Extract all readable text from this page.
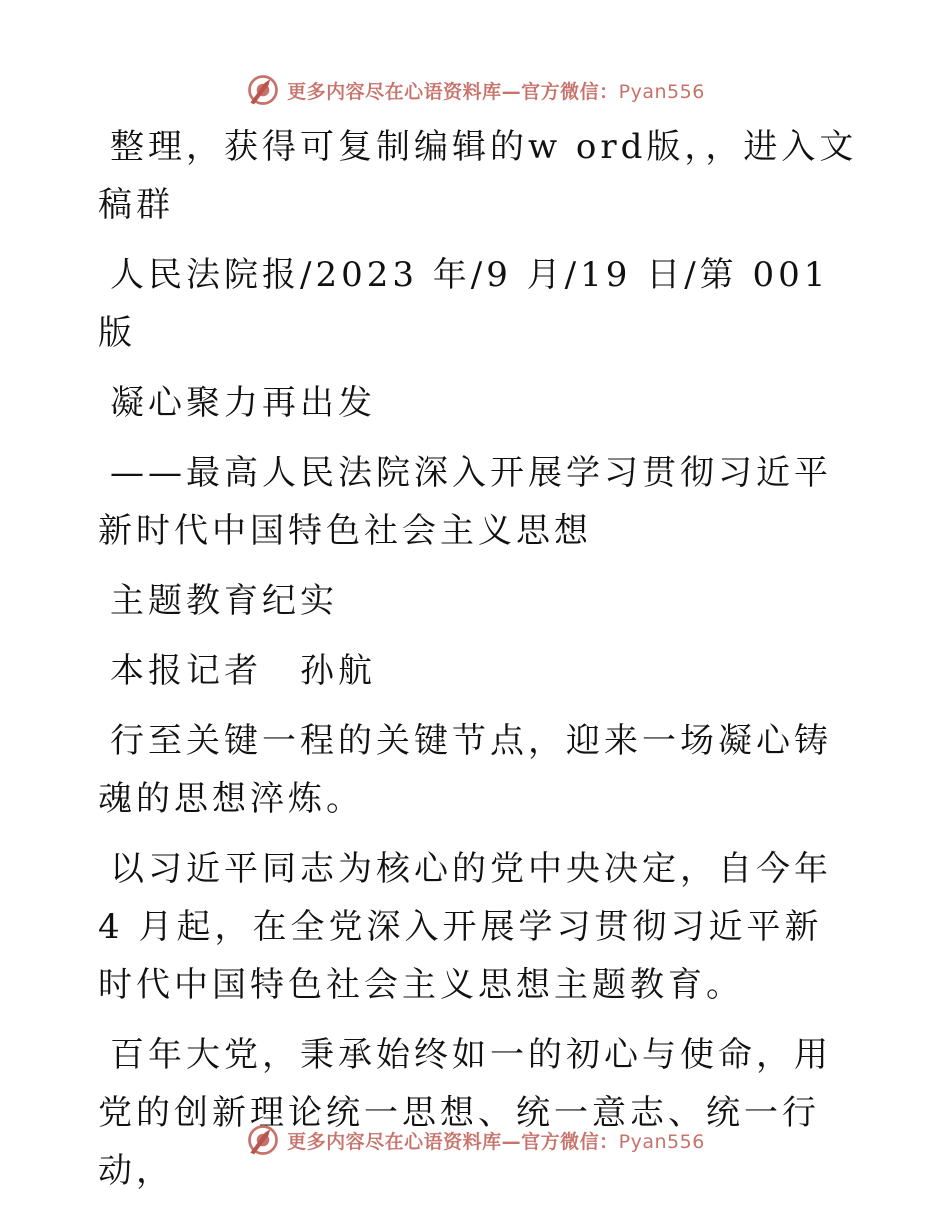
更多内容尽在心语资料库—官方微信：Pyan556

整理，获得可复制编辑的w ord版，，进入文稿群

人民法院报/2023 年/9 月/19 日/第 001 版

凝心聚力再出发

——最高人民法院深入开展学习贯彻习近平新时代中国特色社会主义思想

主题教育纪实

本报记者　孙航

行至关键一程的关键节点，迎来一场凝心铸魂的思想淬炼。

以习近平同志为核心的党中央决定，自今年 4 月起，在全党深入开展学习贯彻习近平新时代中国特色社会主义思想主题教育。

百年大党，秉承始终如一的初心与使命，用党的创新理论统一思想、统一意志、统一行动，

更多内容尽在心语资料库—官方微信：Pyan556
